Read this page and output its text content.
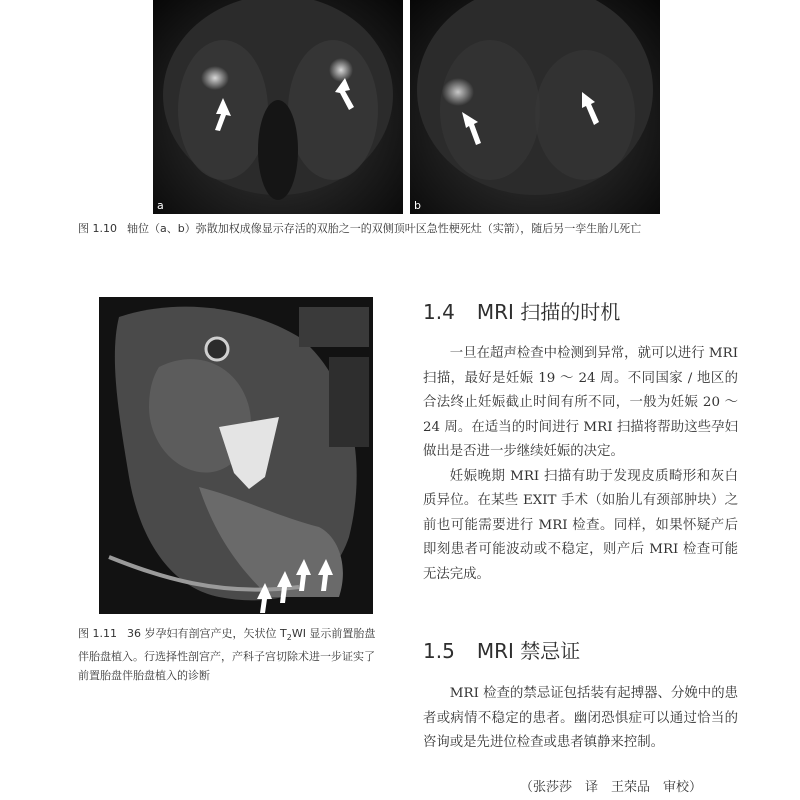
a	b
图 1.10 轴位（a、b）弥散加权成像显示存活的双胎之一的双侧顶叶区急性梗死灶（实箭），随后另一孪生胎儿死亡
图 1.11 36 岁孕妇有剖宫产史，矢状位 $T_2WI$ 显示前置胎盘伴胎盘植入。行选择性剖宫产，产科子宫切除术进一步证实了前置胎盘伴胎盘植入的诊断
1.4 MRI 扫描的时机

一旦在超声检查中检测到异常，就可以进行 MRI 扫描，最好是妊娠 19 ～ 24 周。不同国家 / 地区的合法终止妊娠截止时间有所不同，一般为妊娠 20 ～ 24 周。在适当的时间进行 MRI 扫描将帮助这些孕妇做出是否进一步继续妊娠的决定。

妊娠晚期 MRI 扫描有助于发现皮质畸形和灰白质异位。在某些 EXIT 手术（如胎儿有颈部肿块）之前也可能需要进行 MRI 检查。同样，如果怀疑产后即刻患者可能波动或不稳定，则产后 MRI 检查可能无法完成。

1.5 MRI 禁忌证

MRI 检查的禁忌证包括装有起搏器、分娩中的患者或病情不稳定的患者。幽闭恐惧症可以通过恰当的咨询或是先进位检查或患者镇静来控制。

（张莎莎　译　王荣品　审校）
